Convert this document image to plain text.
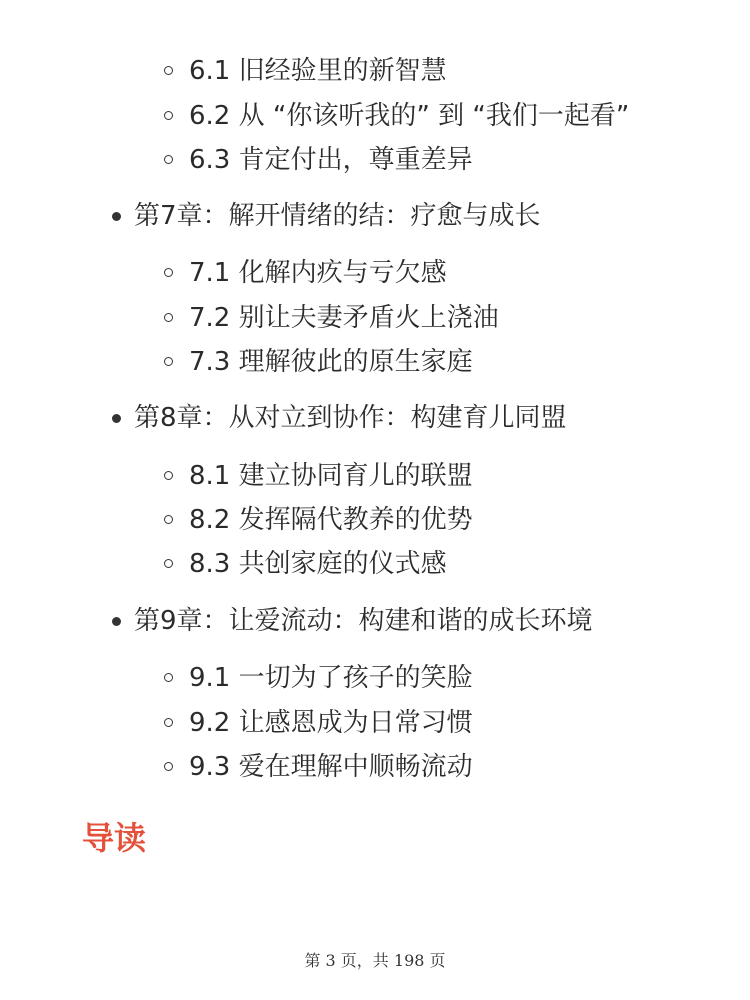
6.1 旧经验里的新智慧
6.2 从 “你该听我的” 到 “我们一起看”
6.3 肯定付出，尊重差异
第7章：解开情绪的结：疗愈与成长
7.1 化解内疚与亏欠感
7.2 别让夫妻矛盾火上浇油
7.3 理解彼此的原生家庭
第8章：从对立到协作：构建育儿同盟
8.1 建立协同育儿的联盟
8.2 发挥隔代教养的优势
8.3 共创家庭的仪式感
第9章：让爱流动：构建和谐的成长环境
9.1 一切为了孩子的笑脸
9.2 让感恩成为日常习惯
9.3 爱在理解中顺畅流动
导读
第 3 页，共 198 页
